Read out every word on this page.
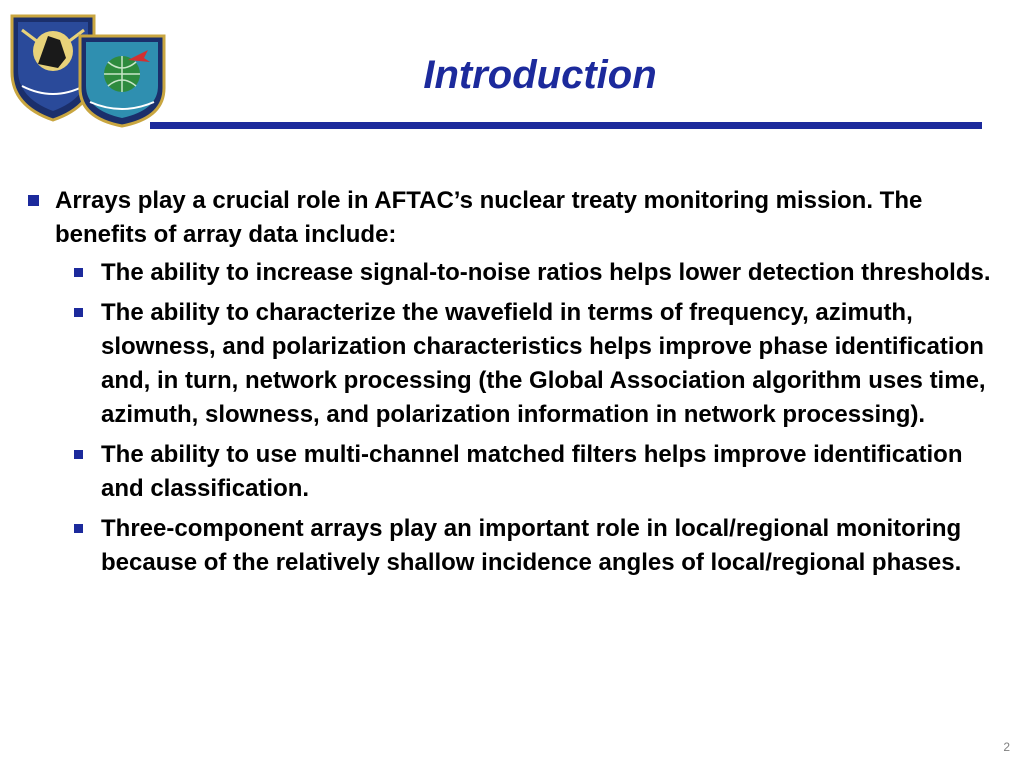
Introduction
Arrays play a crucial role in AFTAC’s nuclear treaty monitoring mission. The benefits of array data include:
The ability to increase signal-to-noise ratios helps lower detection thresholds.
The ability to characterize the wavefield in terms of frequency, azimuth, slowness, and polarization characteristics helps improve phase identification and, in turn, network processing (the Global Association algorithm uses time, azimuth, slowness, and polarization information in network processing).
The ability to use multi-channel matched filters helps improve identification and classification.
Three-component arrays play an important role in local/regional monitoring because of the relatively shallow incidence angles of local/regional phases.
2
